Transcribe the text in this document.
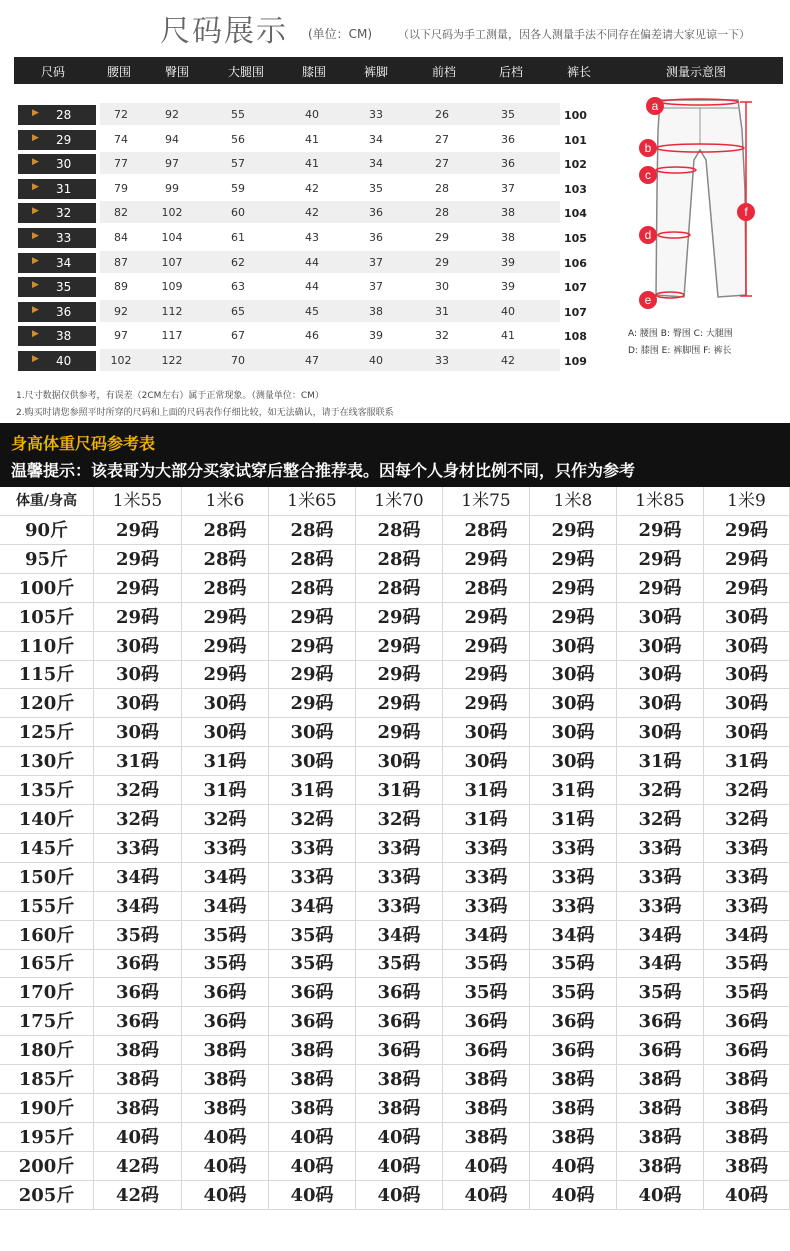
尺码展示 (单位：CM) （以下尺码为手工测量，因各人测量手法不同存在偏差请大家见谅一下）
尺码	腰围	臀围	大腿围	膝围	裤脚	前档	后档	裤长	测量示意图
▶ 28	72	92	55	40	33	26	35	100
▶ 29	74	94	56	41	34	27	36	101
▶ 30	77	97	57	41	34	27	36	102
▶ 31	79	99	59	42	35	28	37	103
▶ 32	82	102	60	42	36	28	38	104
▶ 33	84	104	61	43	36	29	38	105
▶ 34	87	107	62	44	37	29	39	106
▶ 35	89	109	63	44	37	30	39	107
▶ 36	92	112	65	45	38	31	40	107
▶ 38	97	117	67	46	39	32	41	108
▶ 40	102	122	70	47	40	33	42	109
a
b
c
d
e
f
A: 腰围 B: 臀围 C: 大腿围
D: 膝围 E: 裤脚围 F: 裤长
1.尺寸数据仅供参考，有误差（2CM左右）属于正常现象。（测量单位：CM）
2.购买时请您参照平时所穿的尺码和上面的尺码表作仔细比较，如无法确认，请于在线客服联系
身高体重尺码参考表
温馨提示：该表哥为大部分买家试穿后整合推荐表。因每个人身材比例不同，只作为参考
体重/身高	1米55	1米6	1米65	1米70	1米75	1米8	1米85	1米9
90斤	29码	28码	28码	28码	28码	29码	29码	29码
95斤	29码	28码	28码	28码	29码	29码	29码	29码
100斤	29码	28码	28码	28码	28码	29码	29码	29码
105斤	29码	29码	29码	29码	29码	29码	30码	30码
110斤	30码	29码	29码	29码	29码	30码	30码	30码
115斤	30码	29码	29码	29码	29码	30码	30码	30码
120斤	30码	30码	29码	29码	29码	30码	30码	30码
125斤	30码	30码	30码	29码	30码	30码	30码	30码
130斤	31码	31码	30码	30码	30码	30码	31码	31码
135斤	32码	31码	31码	31码	31码	31码	32码	32码
140斤	32码	32码	32码	32码	31码	31码	32码	32码
145斤	33码	33码	33码	33码	33码	33码	33码	33码
150斤	34码	34码	33码	33码	33码	33码	33码	33码
155斤	34码	34码	34码	33码	33码	33码	33码	33码
160斤	35码	35码	35码	34码	34码	34码	34码	34码
165斤	36码	35码	35码	35码	35码	35码	34码	35码
170斤	36码	36码	36码	36码	35码	35码	35码	35码
175斤	36码	36码	36码	36码	36码	36码	36码	36码
180斤	38码	38码	38码	36码	36码	36码	36码	36码
185斤	38码	38码	38码	38码	38码	38码	38码	38码
190斤	38码	38码	38码	38码	38码	38码	38码	38码
195斤	40码	40码	40码	40码	38码	38码	38码	38码
200斤	42码	40码	40码	40码	40码	40码	38码	38码
205斤	42码	40码	40码	40码	40码	40码	40码	40码
